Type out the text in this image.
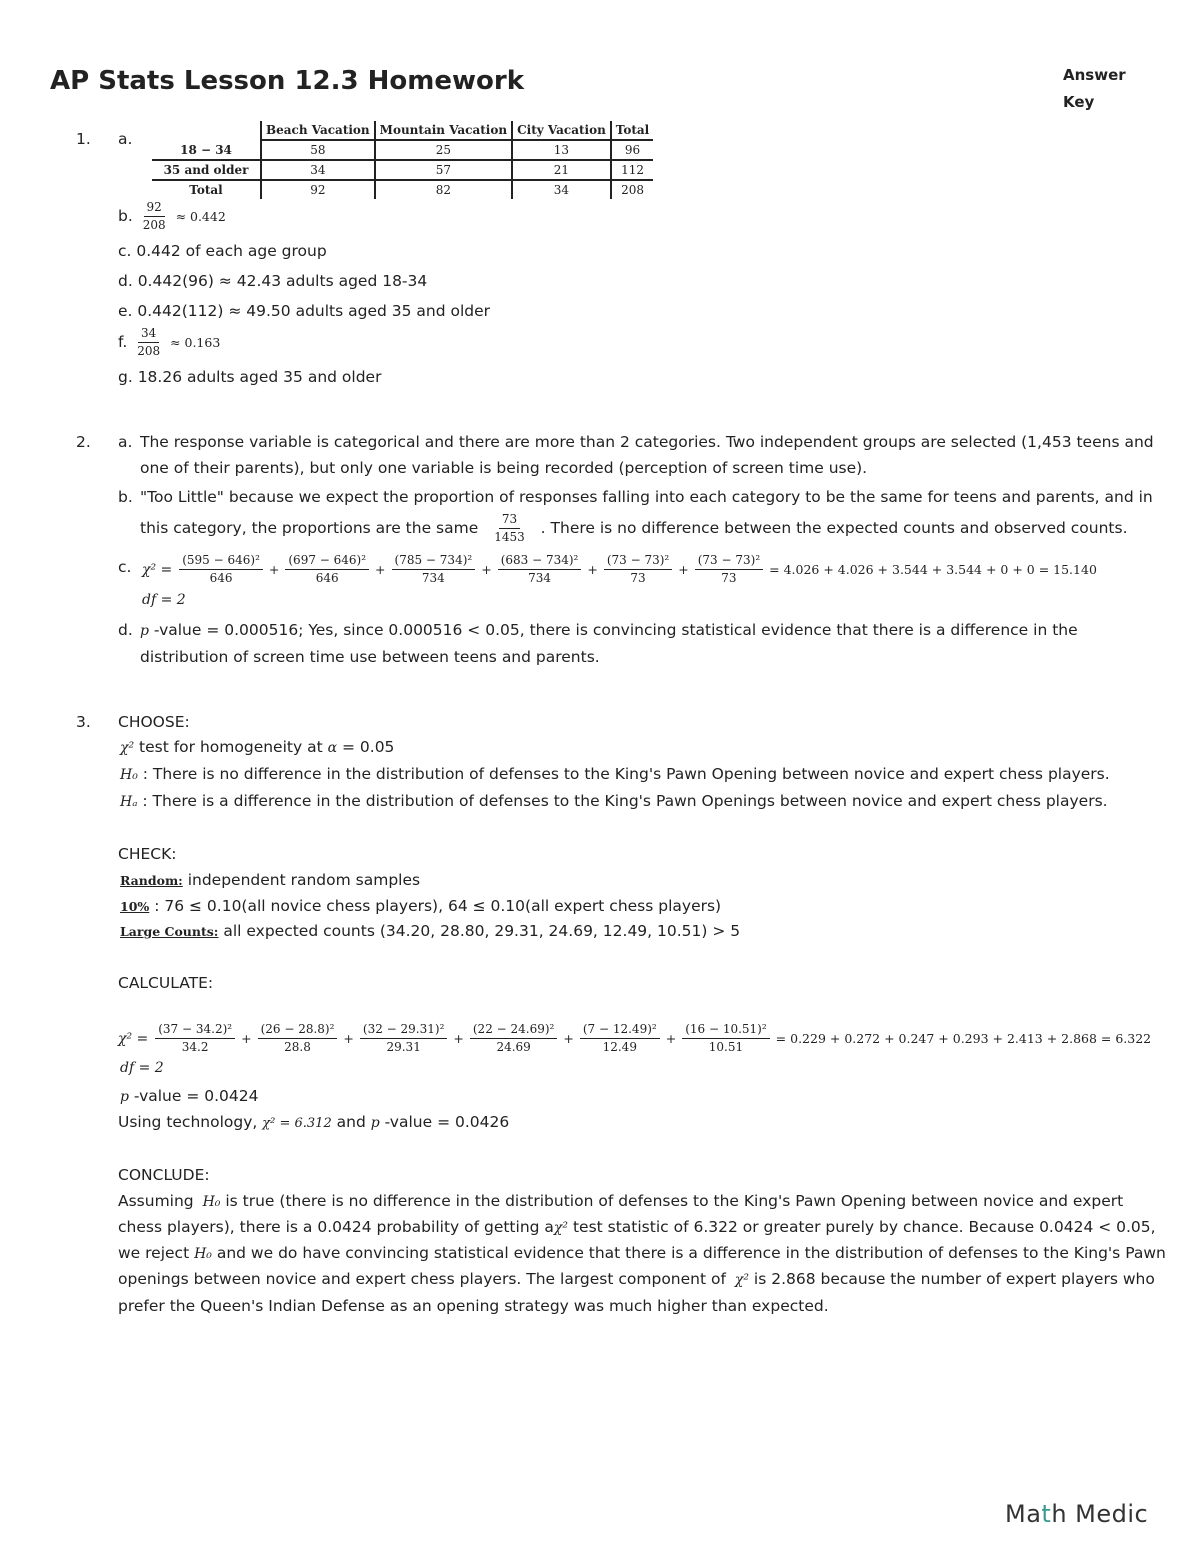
AP Stats Lesson 12.3 Homework	Answer Key
1. a.
		Beach Vacation	Mountain Vacation	City Vacation	Total
18 − 34	58	25	13	96
35 and older	34	57	21	112
Total	92	82	34	208
b. $\frac{92}{208} \approx 0.442$
c. 0.442 of each age group
d. 0.442(96) ≈ 42.43 adults aged 18-34
e. 0.442(112) ≈ 49.50 adults aged 35 and older
f. $\frac{34}{208} \approx 0.163$
g. 18.26 adults aged 35 and older
2. a. The response variable is categorical and there are more than 2 categories. Two independent groups are selected (1,453 teens and
one of their parents), but only one variable is being recorded (perception of screen time use).
b. "Too Little" because we expect the proportion of responses falling into each category to be the same for teens and parents, and in
this category, the proportions are the same $\frac{73}{1453}$ . There is no difference between the expected counts and observed counts.
c. $\chi^2 = \frac{\text{(595 − 646)²}}{646} + \frac{\text{(697 − 646)²}}{646} + \frac{\text{(785 − 734)²}}{734} + \frac{\text{(683 − 734)²}}{734} + \frac{\text{(73 − 73)²}}{73} + \frac{\text{(73 − 73)²}}{73} = 4.026 + 4.026 + 3.544 + 3.544 + 0 + 0 = 15.140$
df = 2
d. p -value = 0.000516; Yes, since 0.000516 < 0.05, there is convincing statistical evidence that there is a difference in the
distribution of screen time use between teens and parents.
3. CHOOSE:
χ² test for homogeneity at α = 0.05
H₀ : There is no difference in the distribution of defenses to the King's Pawn Opening between novice and expert chess players.
Hₐ : There is a difference in the distribution of defenses to the King's Pawn Openings between novice and expert chess players.
CHECK:
Random: independent random samples
10% : 76 ≤ 0.10(all novice chess players), 64 ≤ 0.10(all expert chess players)
Large Counts: all expected counts (34.20, 28.80, 29.31, 24.69, 12.49, 10.51) > 5
CALCULATE:
$\chi^2 = \frac{\text{(37 − 34.2)²}}{34.2} + \frac{\text{(26 − 28.8)²}}{28.8} + \frac{\text{(32 − 29.31)²}}{29.31} + \frac{\text{(22 − 24.69)²}}{24.69} + \frac{\text{(7 − 12.49)²}}{12.49} + \frac{\text{(16 − 10.51)²}}{10.51} = 0.229 + 0.272 + 0.247 + 0.293 + 2.413 + 2.868 = 6.322$
df = 2
p -value = 0.0424
Using technology, χ² = 6.312 and p -value = 0.0426
CONCLUDE:
Assuming H₀ is true (there is no difference in the distribution of defenses to the King's Pawn Opening between novice and expert
chess players), there is a 0.0424 probability of getting aχ² test statistic of 6.322 or greater purely by chance. Because 0.0424 < 0.05,
we reject H₀ and we do have convincing statistical evidence that there is a difference in the distribution of defenses to the King's Pawn
openings between novice and expert chess players. The largest component of χ² is 2.868 because the number of expert players who
prefer the Queen's Indian Defense as an opening strategy was much higher than expected.
Math Medic
